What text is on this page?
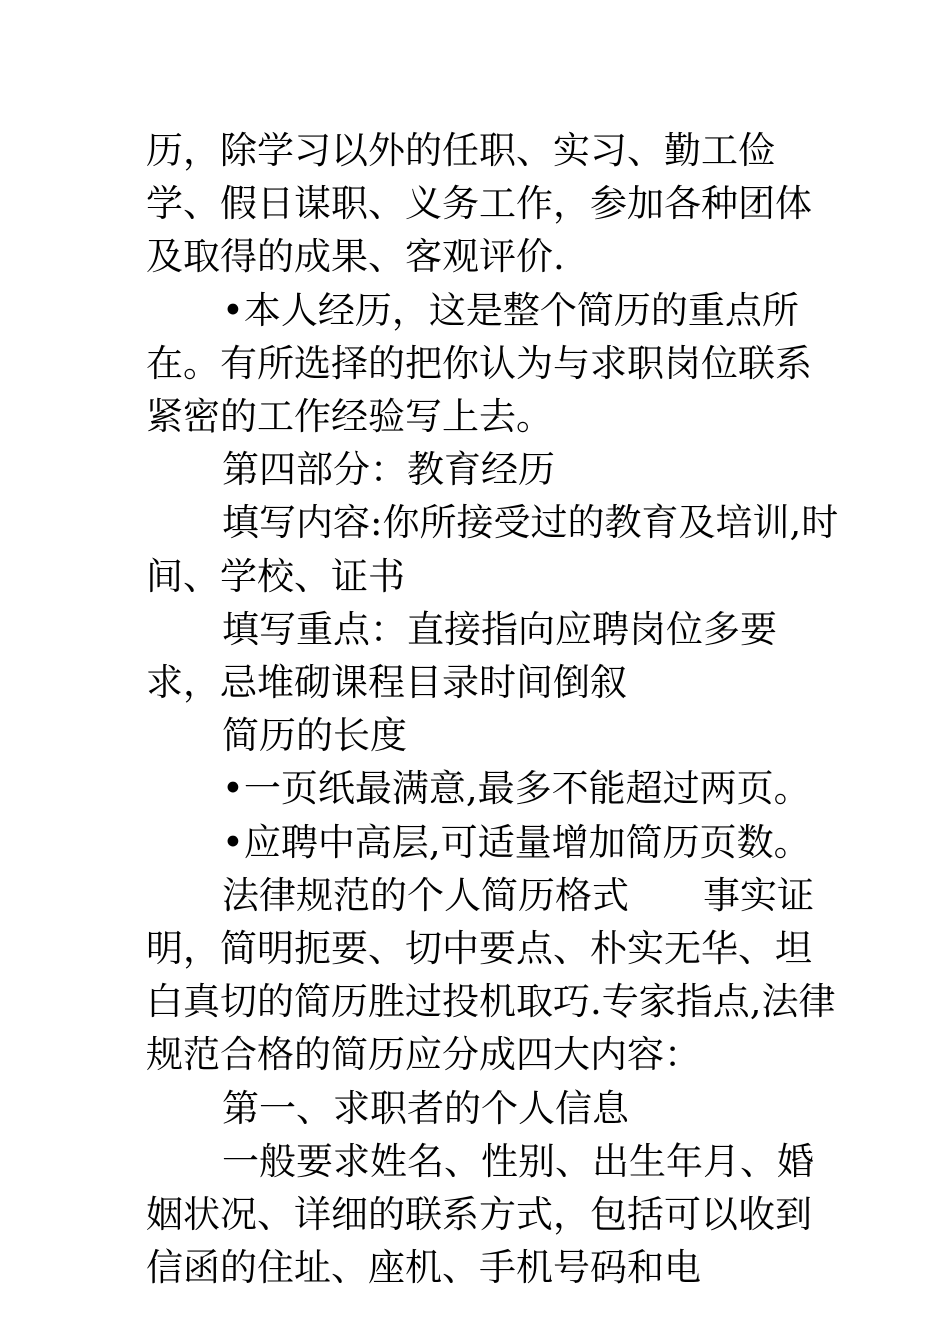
历，除学习以外的任职、实习、勤工俭学、假日谋职、义务工作，参加各种团体及取得的成果、客观评价.

•本人经历，这是整个简历的重点所在。有所选择的把你认为与求职岗位联系紧密的工作经验写上去。

第四部分：教育经历

填写内容:你所接受过的教育及培训,时间、学校、证书

填写重点：直接指向应聘岗位多要求，忌堆砌课程目录时间倒叙

简历的长度

•一页纸最满意,最多不能超过两页。

•应聘中高层,可适量增加简历页数。

法律规范的个人简历格式　　事实证明，简明扼要、切中要点、朴实无华、坦白真切的简历胜过投机取巧.专家指点,法律规范合格的简历应分成四大内容：

第一、求职者的个人信息

一般要求姓名、性别、出生年月、婚姻状况、详细的联系方式，包括可以收到信函的住址、座机、手机号码和电
